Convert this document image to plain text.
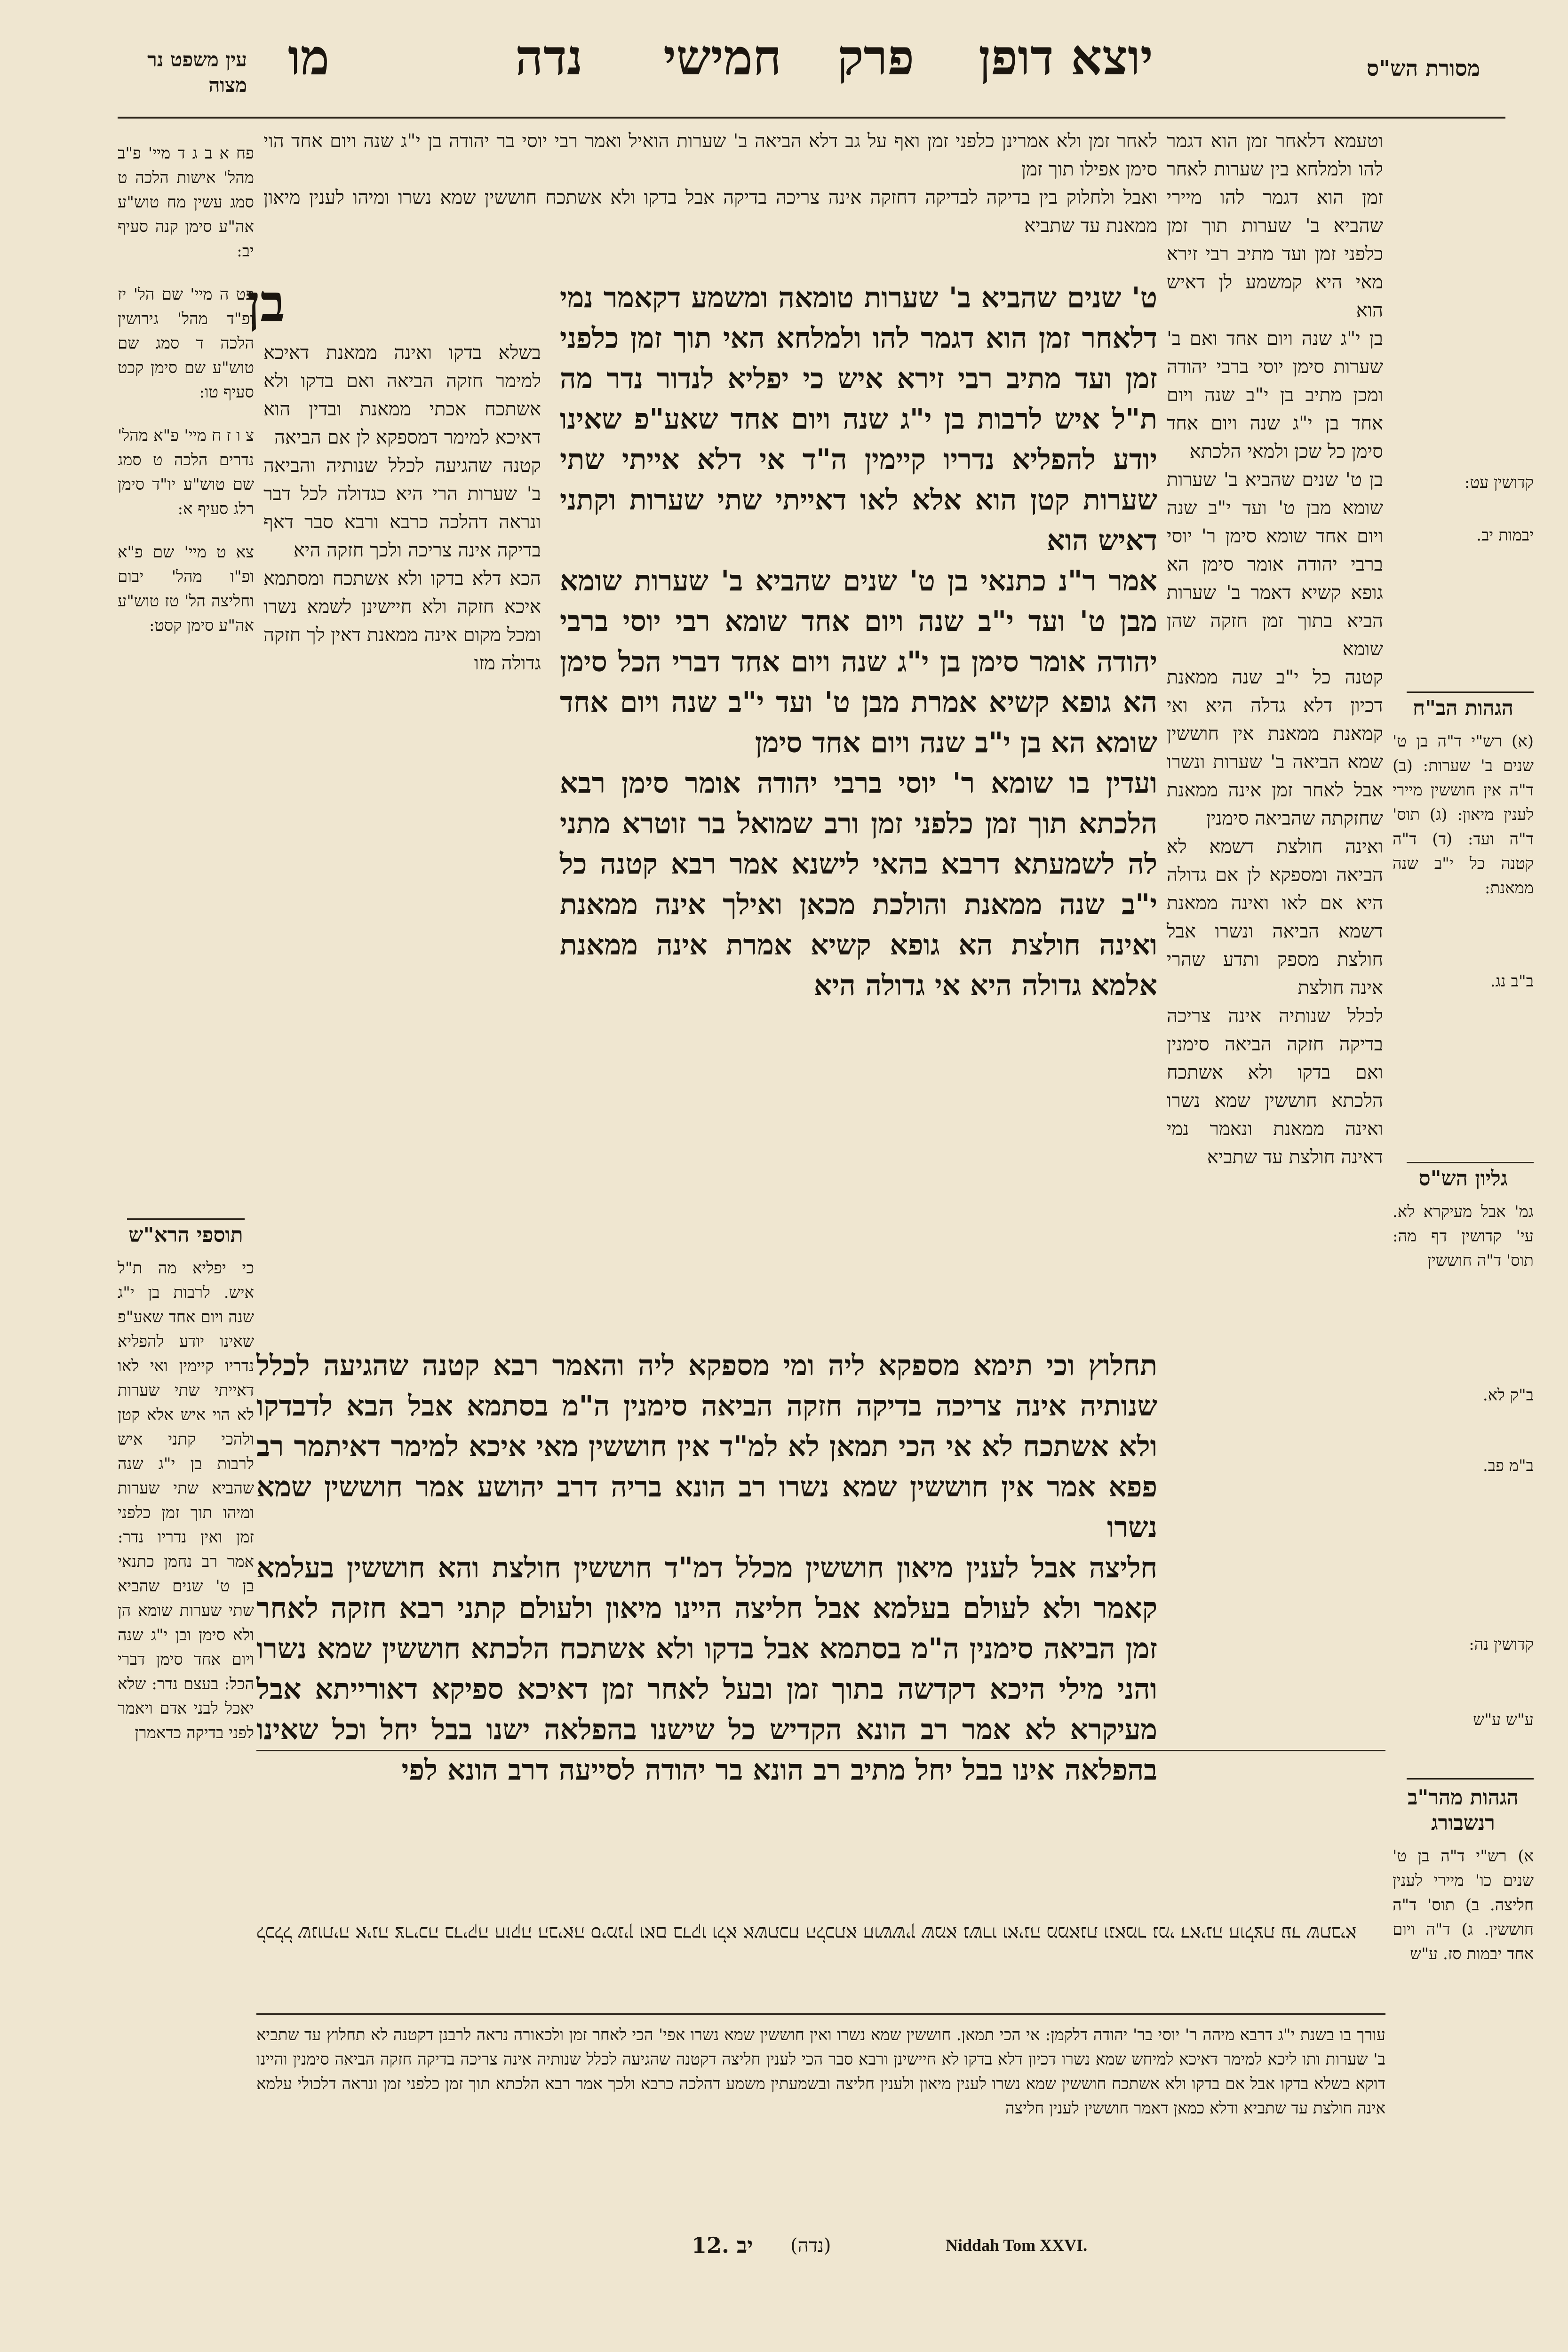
מסורת הש"ס
יוצא דופן
פרק
חמישי
נדה
מו
עין משפט נר מצוה

וטעמא דלאחר זמן הוא דגמר להו ולמלחא בין שערות לאחר זמן הוא דגמר להו מיירי שהביא ב' שערות תוך זמן כלפני זמן ועד מתיב רבי זירא מאי היא קמשמע לן דאיש הוא

בן י"ג שנה ויום אחד ואם ב' שערות סימן יוסי ברבי יהודה ומכן מתיב בן י"ב שנה ויום אחד בן י"ג שנה ויום אחד סימן כל שכן ולמאי הלכתא

בן ט' שנים שהביא ב' שערות שומא מבן ט' ועד י"ב שנה ויום אחד שומא סימן ר' יוסי ברבי יהודה אומר סימן הא גופא קשיא דאמר ב' שערות הביא בתוך זמן חזקה שהן שומא

קטנה כל י"ב שנה ממאנת דכיון דלא גדלה היא ואי קמאנת ממאנת אין חוששין שמא הביאה ב' שערות ונשרו אבל לאחר זמן אינה ממאנת שחזקתה שהביאה סימנין

ואינה חולצת דשמא לא הביאה ומספקא לן אם גדולה היא אם לאו ואינה ממאנת דשמא הביאה ונשרו אבל חולצת מספק ותדע שהרי אינה חולצת

לכלל שנותיה אינה צריכה בדיקה חזקה הביאה סימנין ואם בדקו ולא אשתכח הלכתא חוששין שמא נשרו ואינה ממאנת ונאמר נמי דאינה חולצת עד שתביא

לאחר זמן ולא אמרינן כלפני זמן ואף על גב דלא הביאה ב' שערות הואיל ואמר רבי יוסי בר יהודה בן י"ג שנה ויום אחד הוי סימן אפילו תוך זמן

ואבל ולחלוק בין בדיקה לבדיקה דחזקה אינה צריכה בדיקה אבל בדקו ולא אשתכח חוששין שמא נשרו ומיהו לענין מיאון ממאנת עד שתביא

בן

בשלא בדקו ואינה ממאנת דאיכא למימר חזקה הביאה ואם בדקו ולא אשתכח אכתי ממאנת ובדין הוא דאיכא למימר דמספקא לן אם הביאה

קטנה שהגיעה לכלל שנותיה והביאה ב' שערות הרי היא כגדולה לכל דבר ונראה דהלכה כרבא ורבא סבר דאף בדיקה אינה צריכה ולכך חזקה היא

הכא דלא בדקו ולא אשתכח ומסתמא איכא חזקה ולא חיישינן לשמא נשרו ומכל מקום אינה ממאנת דאין לך חזקה גדולה מזו

ט' שנים שהביא ב' שערות טומאה ומשמע דקאמר נמי דלאחר זמן הוא דגמר להו ולמלחא האי תוך זמן כלפני זמן ועד מתיב רבי זירא איש כי יפליא לנדור נדר מה ת"ל איש לרבות בן י"ג שנה ויום אחד שאע"פ שאינו יודע להפליא נדריו קיימין ה"ד אי דלא אייתי שתי שערות קטן הוא אלא לאו דאייתי שתי שערות וקתני דאיש הוא

אמר ר"נ כתנאי בן ט' שנים שהביא ב' שערות שומא מבן ט' ועד י"ב שנה ויום אחד שומא רבי יוסי ברבי יהודה אומר סימן בן י"ג שנה ויום אחד דברי הכל סימן הא גופא קשיא אמרת מבן ט' ועד י"ב שנה ויום אחד שומא הא בן י"ב שנה ויום אחד סימן

ועדין בו שומא ר' יוסי ברבי יהודה אומר סימן רבא הלכתא תוך זמן כלפני זמן ורב שמואל בר זוטרא מתני לה לשמעתא דרבא בהאי לישנא אמר רבא קטנה כל י"ב שנה ממאנת והולכת מכאן ואילך אינה ממאנת ואינה חולצת הא גופא קשיא אמרת אינה ממאנת אלמא גדולה היא אי גדולה היא

תחלוץ וכי תימא מספקא ליה ומי מספקא ליה והאמר רבא קטנה שהגיעה לכלל שנותיה אינה צריכה בדיקה חזקה הביאה סימנין ה"מ בסתמא אבל הבא לדבדקו ולא אשתכח לא אי הכי תמאן לא למ"ד אין חוששין מאי איכא למימר דאיתמר רב פפא אמר אין חוששין שמא נשרו רב הונא בריה דרב יהושע אמר חוששין שמא נשרו

חליצה אבל לענין מיאון חוששין מכלל דמ"ד חוששין חולצת והא חוששין בעלמא קאמר ולא לעולם בעלמא אבל חליצה היינו מיאון ולעולם קתני רבא חזקה לאחר זמן הביאה סימנין ה"מ בסתמא אבל בדקו ולא אשתכח הלכתא חוששין שמא נשרו והני מילי היכא דקדשה בתוך זמן ובעל לאחר זמן דאיכא ספיקא דאורייתא אבל מעיקרא לא אמר רב הונא הקדיש כל שישנו בהפלאה ישנו בבל יחל וכל שאינו בהפלאה אינו בבל יחל מתיב רב הונא בר יהודה לסייעה דרב הונא לפי

קדושין עט:
יבמות יב.
הגהות הב"ח
(א) רש"י ד"ה בן ט' שנים ב' שערות: (ב) ד"ה אין חוששין מיירי לענין מיאון: (ג) תוס' ד"ה ועד: (ד) ד"ה קטנה כל י"ב שנה ממאנת:
ב"ב נג.
גליון הש"ס
גמ' אבל מעיקרא לא. עי' קדושין דף מה: תוס' ד"ה חוששין
ב"ק לא.
ב"מ פב.
קדושין נה:
ע"ש ע"ש
הגהות מהר"ב רנשבורג
א) רש"י ד"ה בן ט' שנים כו' מיירי לענין חליצה. ב) תוס' ד"ה חוששין. ג) ד"ה ויום אחד יבמות סז. ע"ש

פח א ב ג ד מיי' פ"ב מהל' אישות הלכה ט סמג עשין מח טוש"ע אה"ע סימן קנה סעיף יב:

פט ה מיי' שם הל' יז ופ"ד מהל' גירושין הלכה ד סמג שם טוש"ע שם סימן קכט סעיף טו:

צ ו ז ח מיי' פ"א מהל' נדרים הלכה ט סמג שם טוש"ע יו"ד סימן רלג סעיף א:

צא ט מיי' שם פ"א ופ"ו מהל' יבום וחליצה הל' טז טוש"ע אה"ע סימן קסט:

תוספי הרא"ש
כי יפליא מה ת"ל איש. לרבות בן י"ג שנה ויום אחד שאע"פ שאינו יודע להפליא נדריו קיימין ואי לאו דאייתי שתי שערות לא הוי איש אלא קטן ולהכי קתני איש לרבות בן י"ג שנה שהביא שתי שערות ומיהו תוך זמן כלפני זמן ואין נדריו נדר: אמר רב נחמן כתנאי בן ט' שנים שהביא שתי שערות שומא הן ולא סימן ובן י"ג שנה ויום אחד סימן דברי הכל: בעצם נדר: שלא יאכל לבני אדם ויאמר לפני בדיקה כדאמרן
לכלל שנותיה אינה צריכה בדיקה חזקה הביאה סימנין ואם בדקו ולא אשתכח הלכתא חוששין שמא נשרו ואינה ממאנת ונאמר נמי דאינה חולצת עד שתביא
עורך בו בשנת י"ג דרבא מיהה ר' יוסי בר' יהודה דלקמן: אי הכי תמאן. חוששין שמא נשרו ואין חוששין שמא נשרו אפי' הכי לאחר זמן ולכאורה נראה לרבנן דקטנה לא תחלוץ עד שתביא ב' שערות ותו ליכא למימר דאיכא למיחש שמא נשרו דכיון דלא בדקו לא חיישינן ורבא סבר הכי לענין חליצה דקטנה שהגיעה לכלל שנותיה אינה צריכה בדיקה חזקה הביאה סימנין והיינו דוקא בשלא בדקו אבל אם בדקו ולא אשתכח חוששין שמא נשרו לענין מיאון ולענין חליצה ובשמעתין משמע דהלכה כרבא ולכך אמר רבא הלכתא תוך זמן כלפני זמן ונראה דלכולי עלמא אינה חולצת עד שתביא ודלא כמאן דאמר חוששין לענין חליצה
(נדה)
12. יב	Niddah Tom XXVI.
